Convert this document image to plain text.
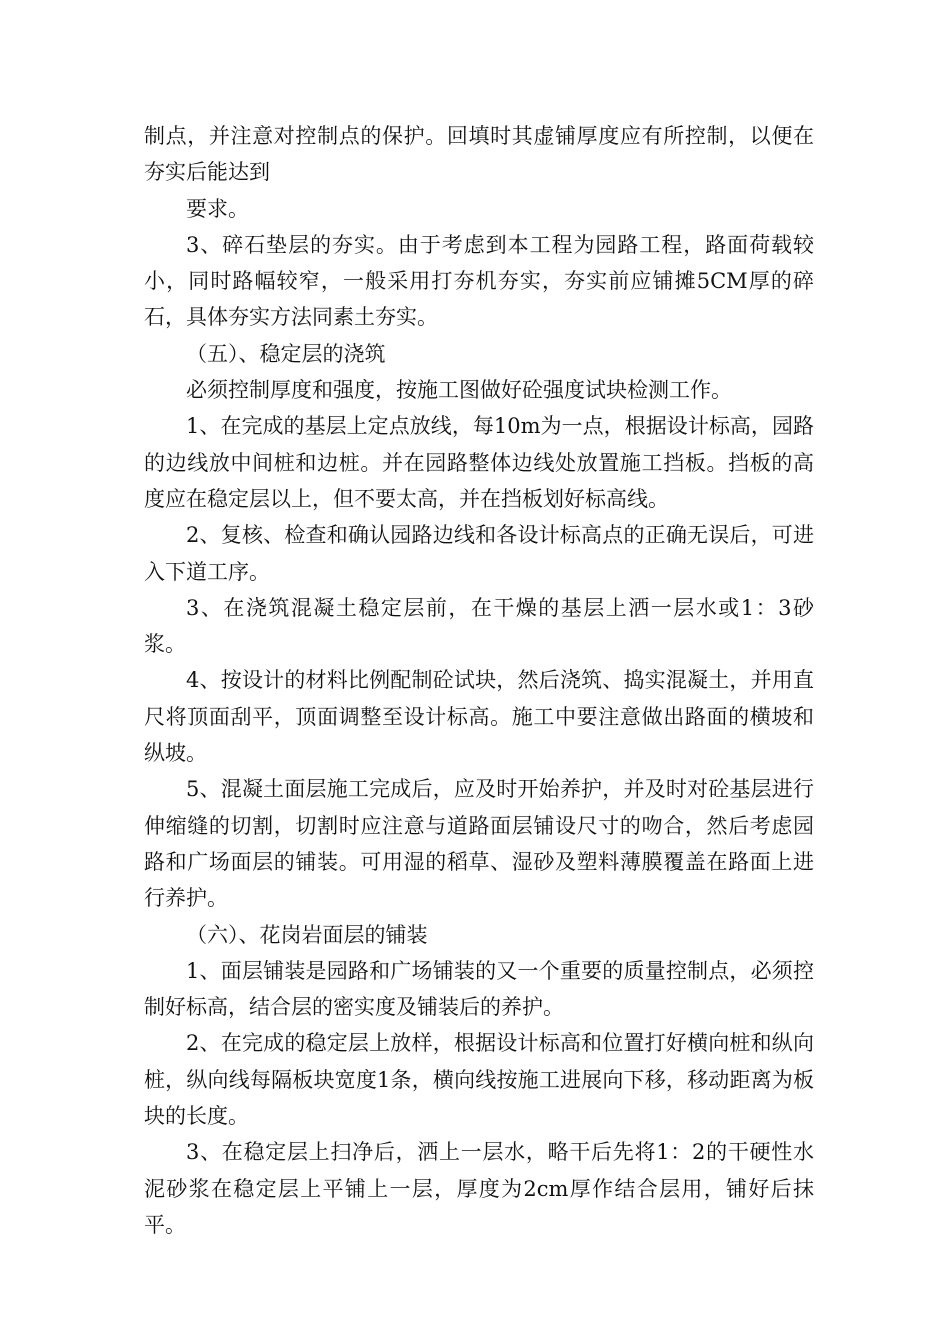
制点，并注意对控制点的保护。回填时其虚铺厚度应有所控制，以便在夯实后能达到

要求。

3、碎石垫层的夯实。由于考虑到本工程为园路工程，路面荷载较小，同时路幅较窄，一般采用打夯机夯实，夯实前应铺摊5CM厚的碎石，具体夯实方法同素土夯实。

（五）、稳定层的浇筑

必须控制厚度和强度，按施工图做好砼强度试块检测工作。

1、在完成的基层上定点放线，每10m为一点，根据设计标高，园路的边线放中间桩和边桩。并在园路整体边线处放置施工挡板。挡板的高度应在稳定层以上，但不要太高，并在挡板划好标高线。

2、复核、检查和确认园路边线和各设计标高点的正确无误后，可进入下道工序。

3、在浇筑混凝土稳定层前，在干燥的基层上洒一层水或1：3砂浆。

4、按设计的材料比例配制砼试块，然后浇筑、捣实混凝土，并用直尺将顶面刮平，顶面调整至设计标高。施工中要注意做出路面的横坡和纵坡。

5、混凝土面层施工完成后，应及时开始养护，并及时对砼基层进行伸缩缝的切割，切割时应注意与道路面层铺设尺寸的吻合，然后考虑园路和广场面层的铺装。可用湿的稻草、湿砂及塑料薄膜覆盖在路面上进行养护。

（六）、花岗岩面层的铺装

1、面层铺装是园路和广场铺装的又一个重要的质量控制点，必须控制好标高，结合层的密实度及铺装后的养护。

2、在完成的稳定层上放样，根据设计标高和位置打好横向桩和纵向桩，纵向线每隔板块宽度1条，横向线按施工进展向下移，移动距离为板块的长度。

3、在稳定层上扫净后，洒上一层水，略干后先将1：2的干硬性水泥砂浆在稳定层上平铺上一层，厚度为2cm厚作结合层用，铺好后抹平。
